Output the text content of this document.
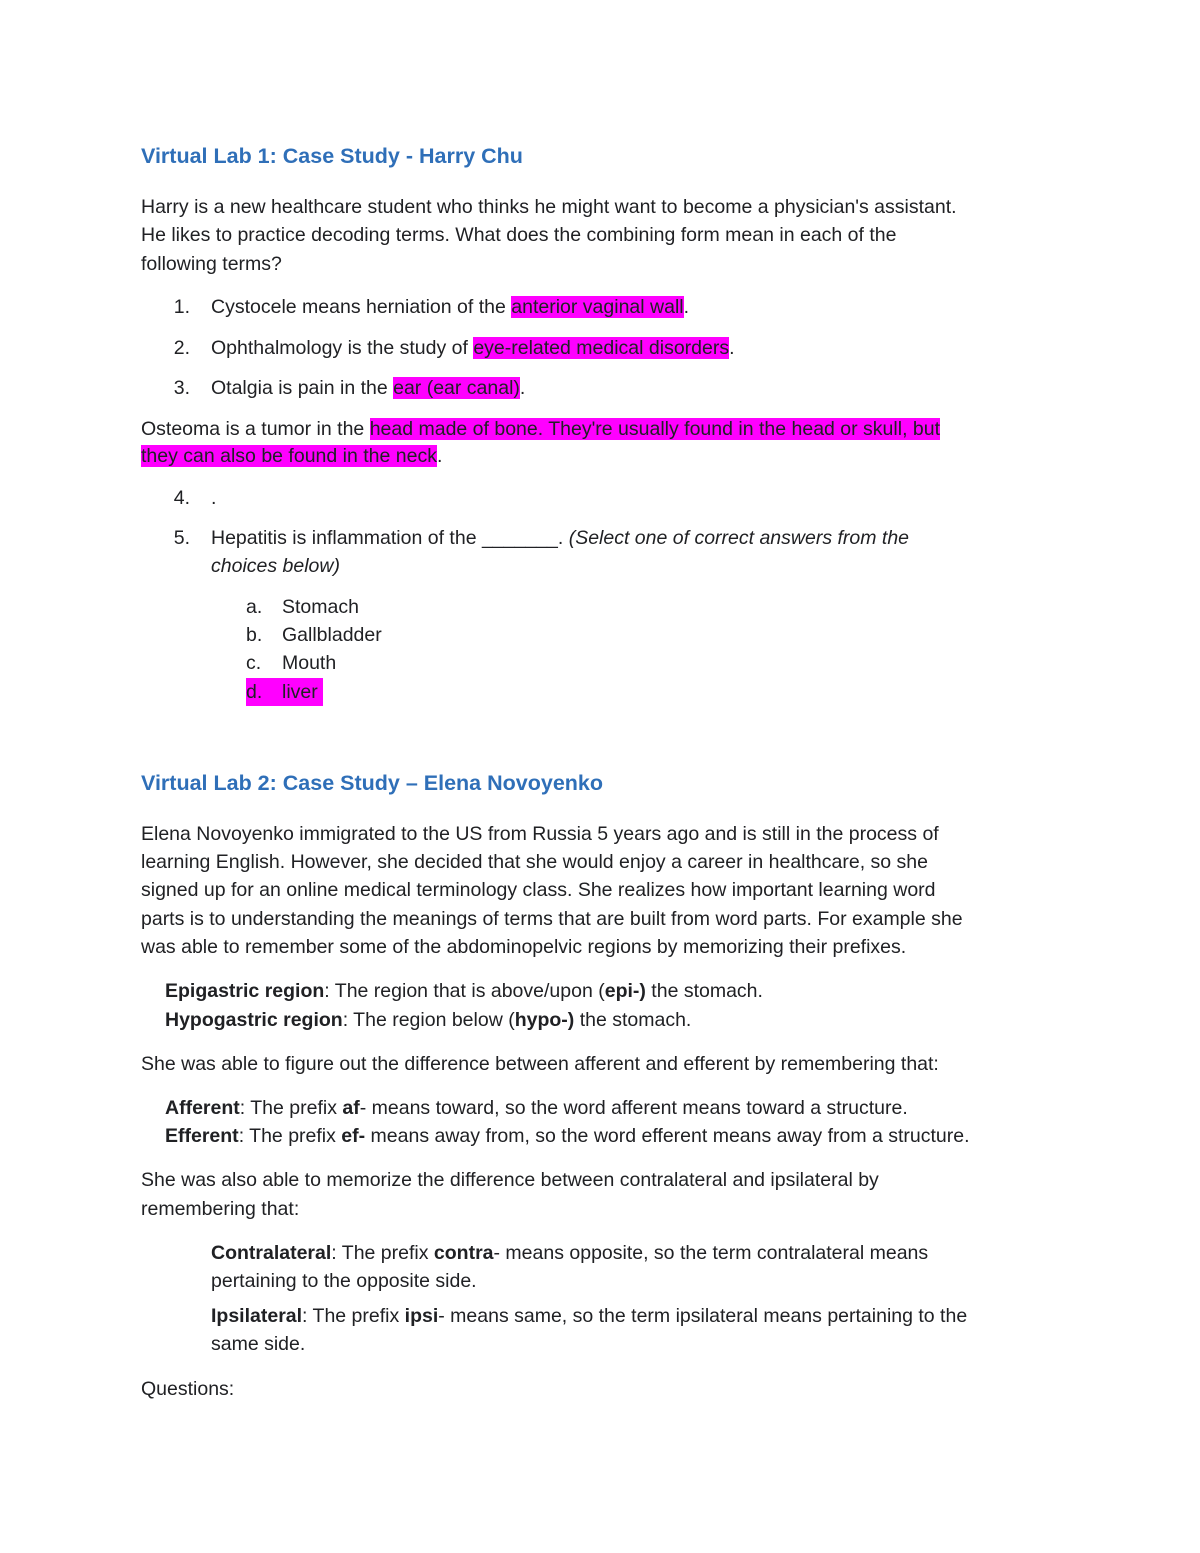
Virtual Lab 1: Case Study - Harry Chu
Harry is a new healthcare student who thinks he might want to become a physician's assistant.
He likes to practice decoding terms. What does the combining form mean in each of the
following terms?
1. Cystocele means herniation of the anterior vaginal wall.
2. Ophthalmology is the study of eye-related medical disorders.
3. Otalgia is pain in the ear (ear canal).
Osteoma is a tumor in the head made of bone. They're usually found in the head or skull, but
they can also be found in the neck.
4. .
5. Hepatitis is inflammation of the _______. (Select one of correct answers from the
choices below)
a. Stomach
b. Gallbladder
c. Mouth
d. liver
Virtual Lab 2: Case Study – Elena Novoyenko
Elena Novoyenko immigrated to the US from Russia 5 years ago and is still in the process of
learning English. However, she decided that she would enjoy a career in healthcare, so she
signed up for an online medical terminology class. She realizes how important learning word
parts is to understanding the meanings of terms that are built from word parts. For example she
was able to remember some of the abdominopelvic regions by memorizing their prefixes.
Epigastric region: The region that is above/upon (epi-) the stomach.
Hypogastric region: The region below (hypo-) the stomach.
She was able to figure out the difference between afferent and efferent by remembering that:
Afferent: The prefix af- means toward, so the word afferent means toward a structure.
Efferent: The prefix ef- means away from, so the word efferent means away from a structure.
She was also able to memorize the difference between contralateral and ipsilateral by
remembering that:
Contralateral: The prefix contra- means opposite, so the term contralateral means
pertaining to the opposite side.
Ipsilateral: The prefix ipsi- means same, so the term ipsilateral means pertaining to the
same side.
Questions:
